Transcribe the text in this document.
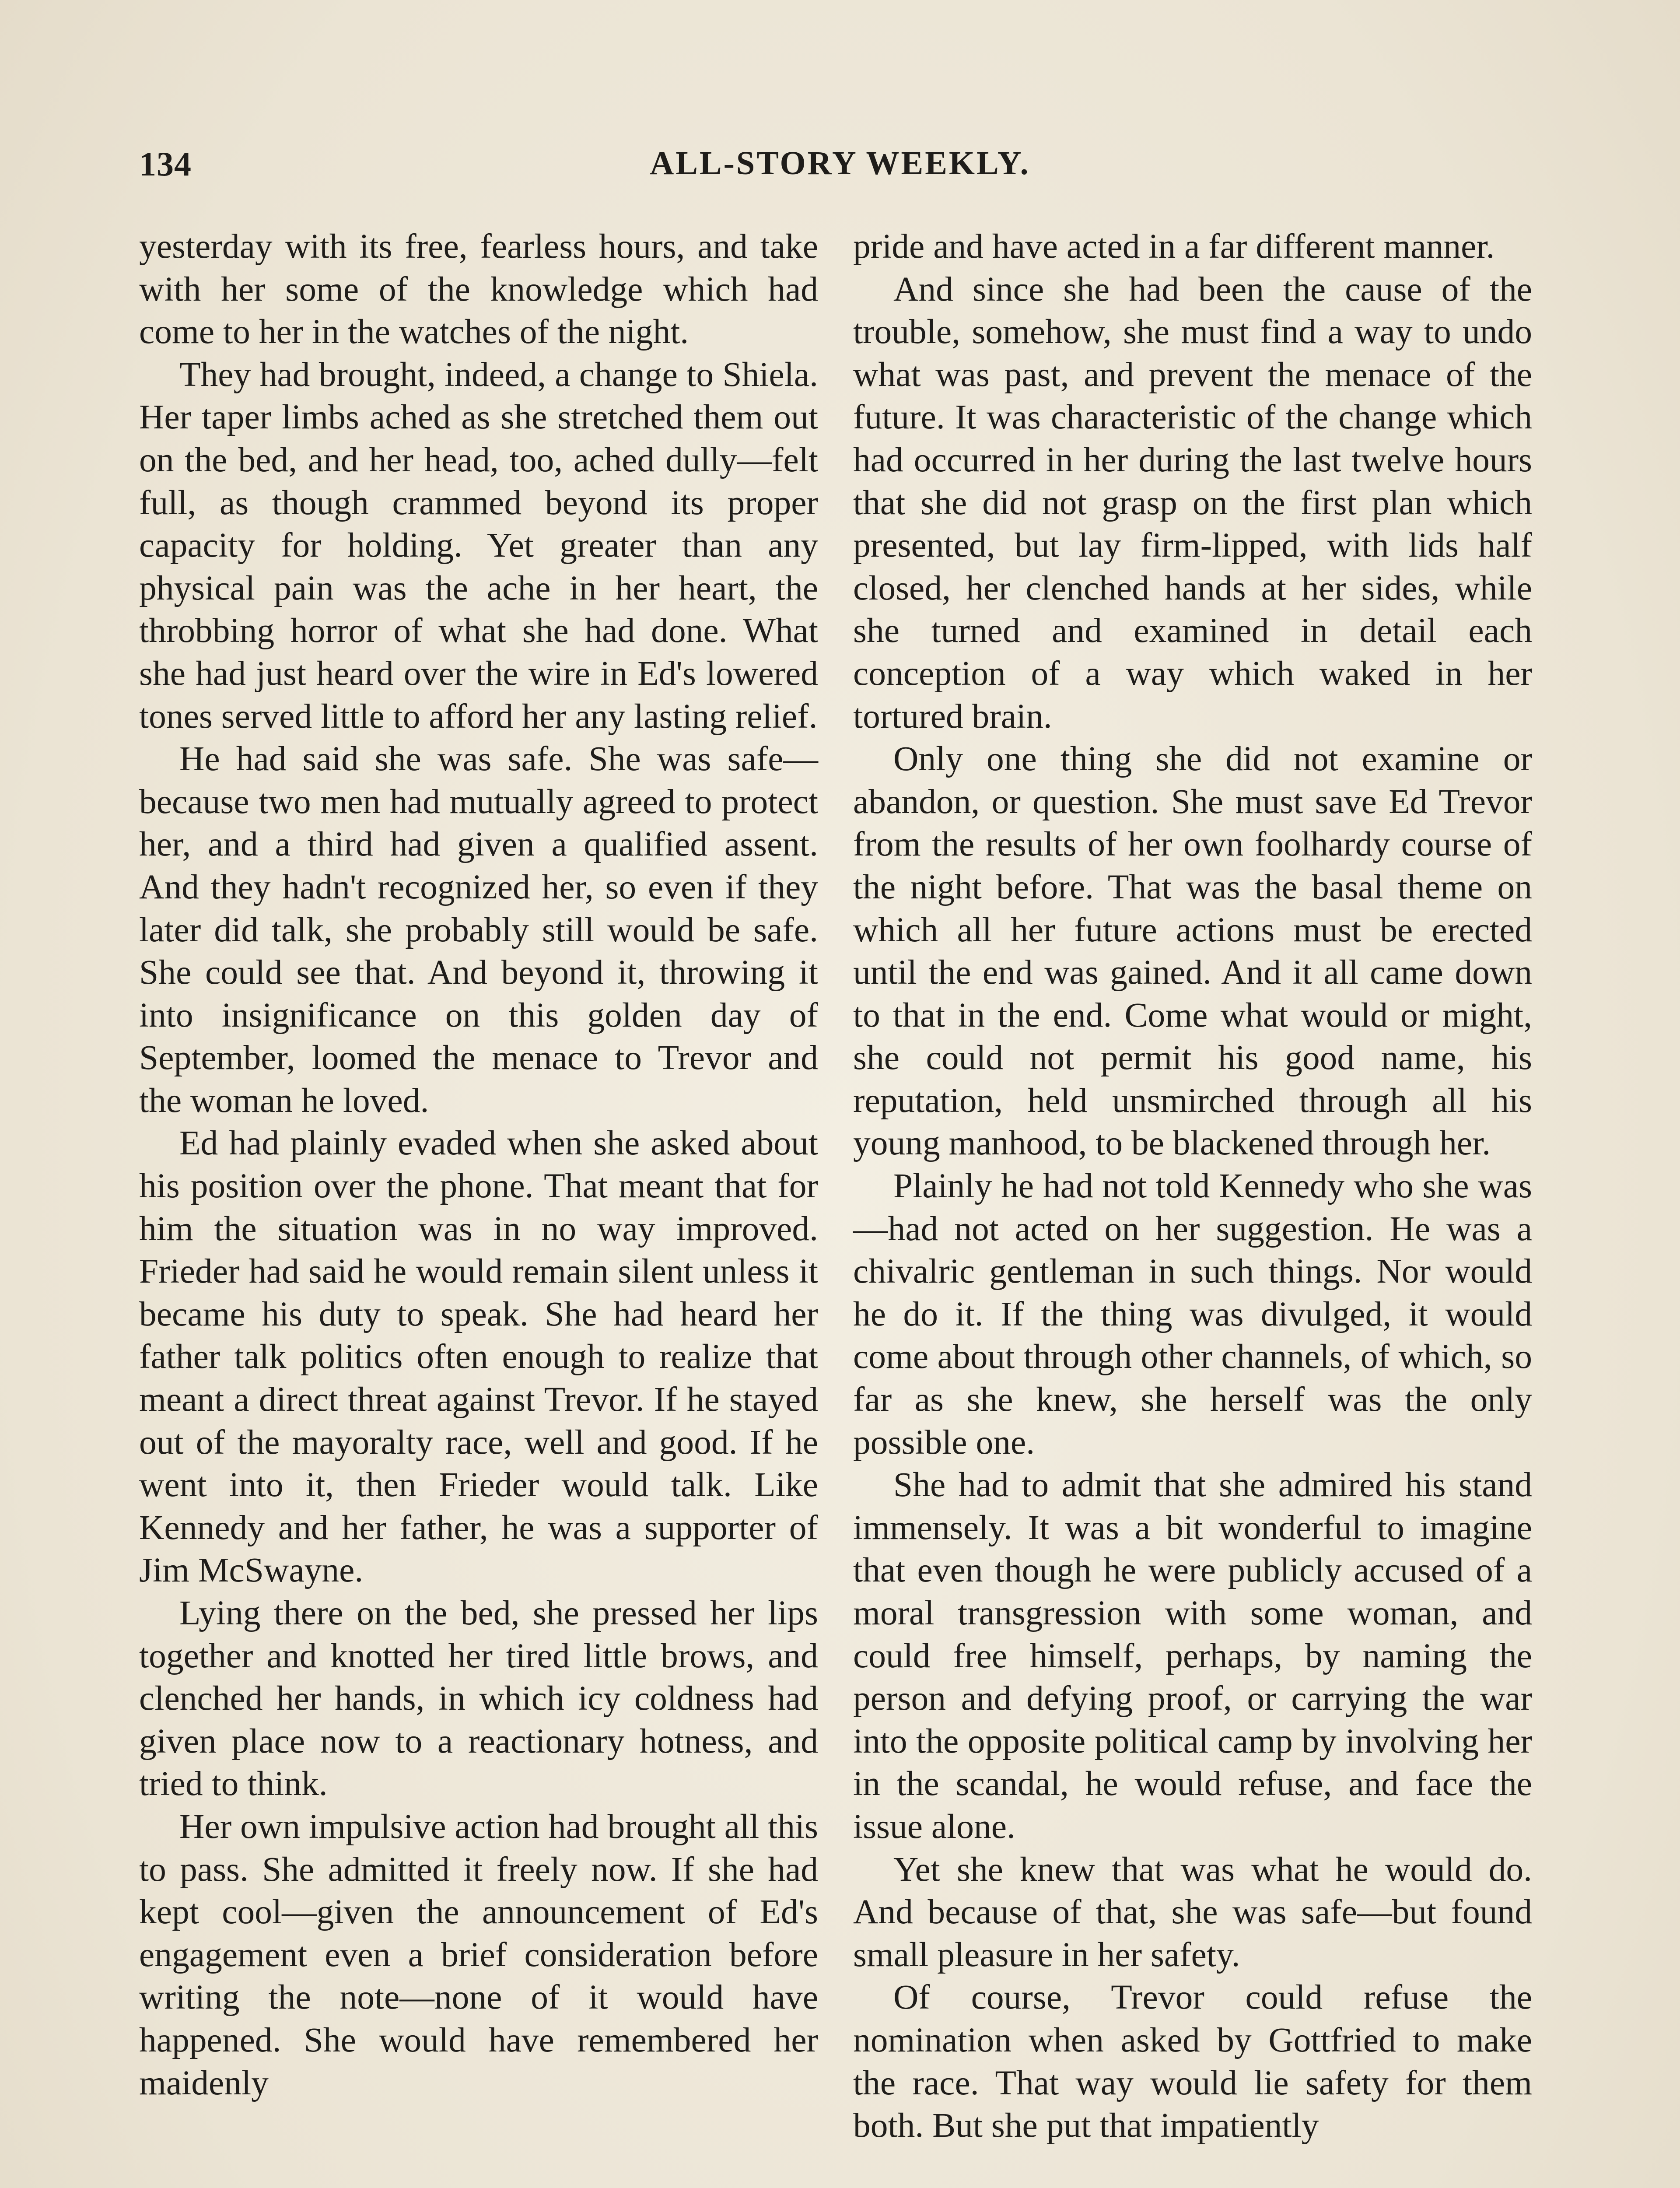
134	ALL-STORY WEEKLY.

yesterday with its free, fearless hours, and take with her some of the knowledge which had come to her in the watches of the night.

They had brought, indeed, a change to Shiela. Her taper limbs ached as she stretched them out on the bed, and her head, too, ached dully—felt full, as though crammed beyond its proper capacity for holding. Yet greater than any physical pain was the ache in her heart, the throbbing horror of what she had done. What she had just heard over the wire in Ed's lowered tones served little to afford her any lasting relief.

He had said she was safe. She was safe—because two men had mutually agreed to protect her, and a third had given a qualified assent. And they hadn't recognized her, so even if they later did talk, she probably still would be safe. She could see that. And beyond it, throwing it into insignificance on this golden day of September, loomed the menace to Trevor and the woman he loved.

Ed had plainly evaded when she asked about his position over the phone. That meant that for him the situation was in no way improved. Frieder had said he would remain silent unless it became his duty to speak. She had heard her father talk politics often enough to realize that meant a direct threat against Trevor. If he stayed out of the mayoralty race, well and good. If he went into it, then Frieder would talk. Like Kennedy and her father, he was a supporter of Jim McSwayne.

Lying there on the bed, she pressed her lips together and knotted her tired little brows, and clenched her hands, in which icy coldness had given place now to a reactionary hotness, and tried to think.

Her own impulsive action had brought all this to pass. She admitted it freely now. If she had kept cool—given the announcement of Ed's engagement even a brief consideration before writing the note—none of it would have happened. She would have remembered her maidenly

pride and have acted in a far different manner.

And since she had been the cause of the trouble, somehow, she must find a way to undo what was past, and prevent the menace of the future. It was characteristic of the change which had occurred in her during the last twelve hours that she did not grasp on the first plan which presented, but lay firm-lipped, with lids half closed, her clenched hands at her sides, while she turned and examined in detail each conception of a way which waked in her tortured brain.

Only one thing she did not examine or abandon, or question. She must save Ed Trevor from the results of her own foolhardy course of the night before. That was the basal theme on which all her future actions must be erected until the end was gained. And it all came down to that in the end. Come what would or might, she could not permit his good name, his reputation, held unsmirched through all his young manhood, to be blackened through her.

Plainly he had not told Kennedy who she was—had not acted on her suggestion. He was a chivalric gentleman in such things. Nor would he do it. If the thing was divulged, it would come about through other channels, of which, so far as she knew, she herself was the only possible one.

She had to admit that she admired his stand immensely. It was a bit wonderful to imagine that even though he were publicly accused of a moral transgression with some woman, and could free himself, perhaps, by naming the person and defying proof, or carrying the war into the opposite political camp by involving her in the scandal, he would refuse, and face the issue alone.

Yet she knew that was what he would do. And because of that, she was safe—but found small pleasure in her safety.

Of course, Trevor could refuse the nomination when asked by Gottfried to make the race. That way would lie safety for them both. But she put that impatiently
